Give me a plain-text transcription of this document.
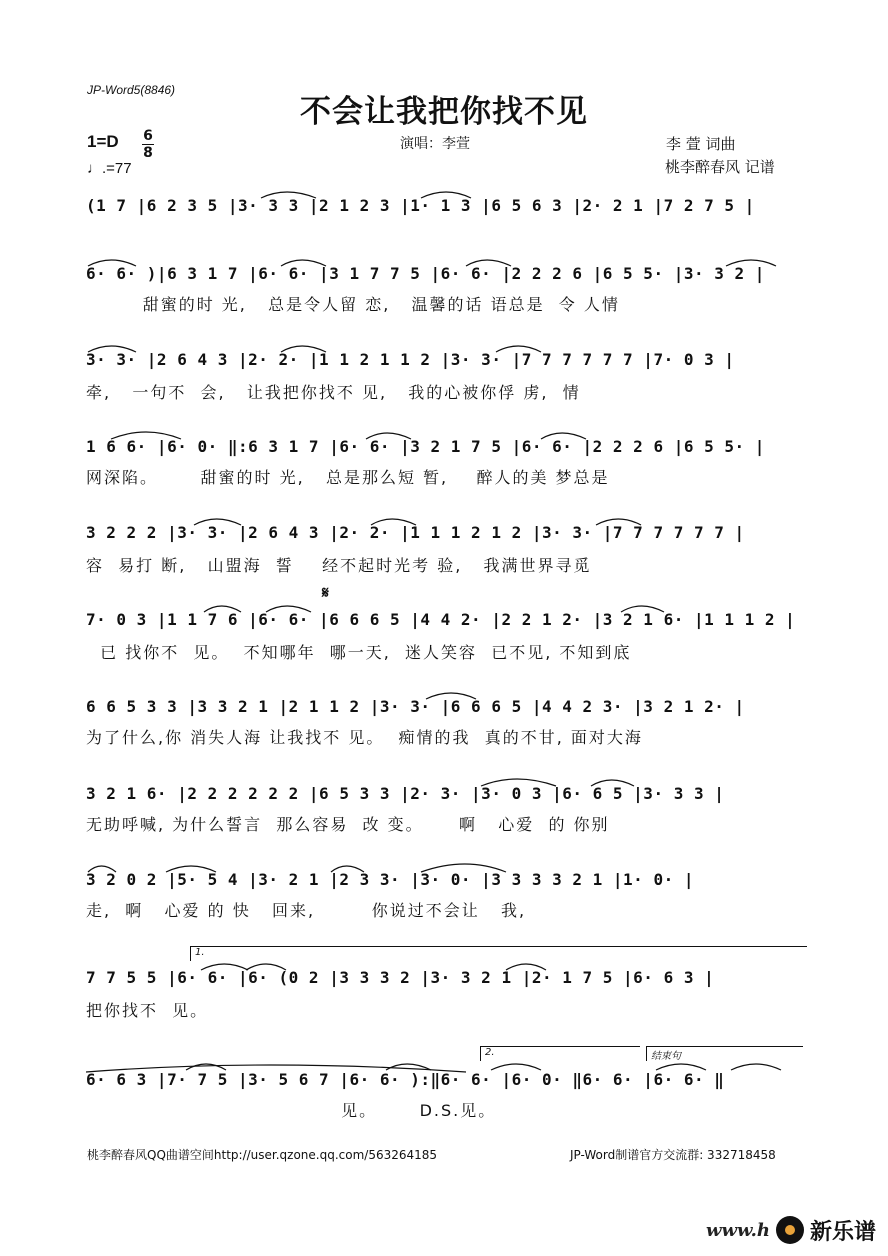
JP-Word5(8846)
不会让我把你找不见
1=D 6
8
♩.=77
演唱：李萱	李 萱 词曲
桃李醉春风 记谱
(1 7 |6 2 3 5 |3· 3 3 |2 1 2 3 |1· 1 3 |6 5 6 3 |2· 2 1 |7 2 7 5 |
6· 6· )|6 3 1 7 |6· 6· |3 1 7 7 5 |6· 6· |2 2 2 6 |6 5 5· |3· 3 2 |
甜蜜的时 光,   总是令人留 恋,   温馨的话 语总是  令 人情
3· 3· |2 6 4 3 |2· 2· |1 1 2 1 1 2 |3· 3· |7 7 7 7 7 7 |7· 0 3 |
牵,   一句不  会,   让我把你找不 见,   我的心被你俘 虏,  情
1 6 6· |6· 0· ‖:6 3 1 7 |6· 6· |3 2 1 7 5 |6· 6· |2 2 2 6 |6 5 5· |
网深陷。      甜蜜的时 光,   总是那么短 暂,    醉人的美 梦总是
3 2 2 2 |3· 3· |2 6 4 3 |2· 2· |1 1 1 2 1 2 |3· 3· |7 7 7 7 7 7 |
容  易打 断,   山盟海  誓    经不起时光考 验,   我满世界寻觅
𝄋
7· 0 3 |1 1 7 6 |6· 6· |6 6 6 5 |4 4 2· |2 2 1 2· |3 2 1 6· |1 1 1 2 |
已 找你不  见。  不知哪年  哪一天,  迷人笑容  已不见, 不知到底
6 6 5 3 3 |3 3 2 1 |2 1 1 2 |3· 3· |6 6 6 5 |4 4 2 3· |3 2 1 2· |
为了什么,你 消失人海 让我找不 见。  痴情的我  真的不甘, 面对大海
3 2 1 6· |2 2 2 2 2 2 |6 5 3 3 |2· 3· |3· 0 3 |6· 6 5 |3· 3 3 |
无助呼喊, 为什么誓言  那么容易  改 变。     啊   心爱  的 你别
3 2 0 2 |5· 5 4 |3· 2 1 |2 3 3· |3· 0· |3 3 3 3 2 1 |1· 0· |
走,  啊   心爱 的 快   回来,        你说过不会让   我,
1.
7 7 5 5 |6· 6· |6· (0 2 |3 3 3 2 |3· 3 2 1 |2· 1 7 5 |6· 6 3 |
把你找不  见。
2.	结束句
6· 6 3 |7· 7 5 |3· 5 6 7 |6· 6· ):‖6· 6· |6· 0· ‖6· 6· |6· 6· ‖
见。      D.S.见。
桃李醉春风QQ曲谱空间http://user.qzone.qq.com/563264185	JP-Word制谱官方交流群: 332718458
www.h 新乐谱
